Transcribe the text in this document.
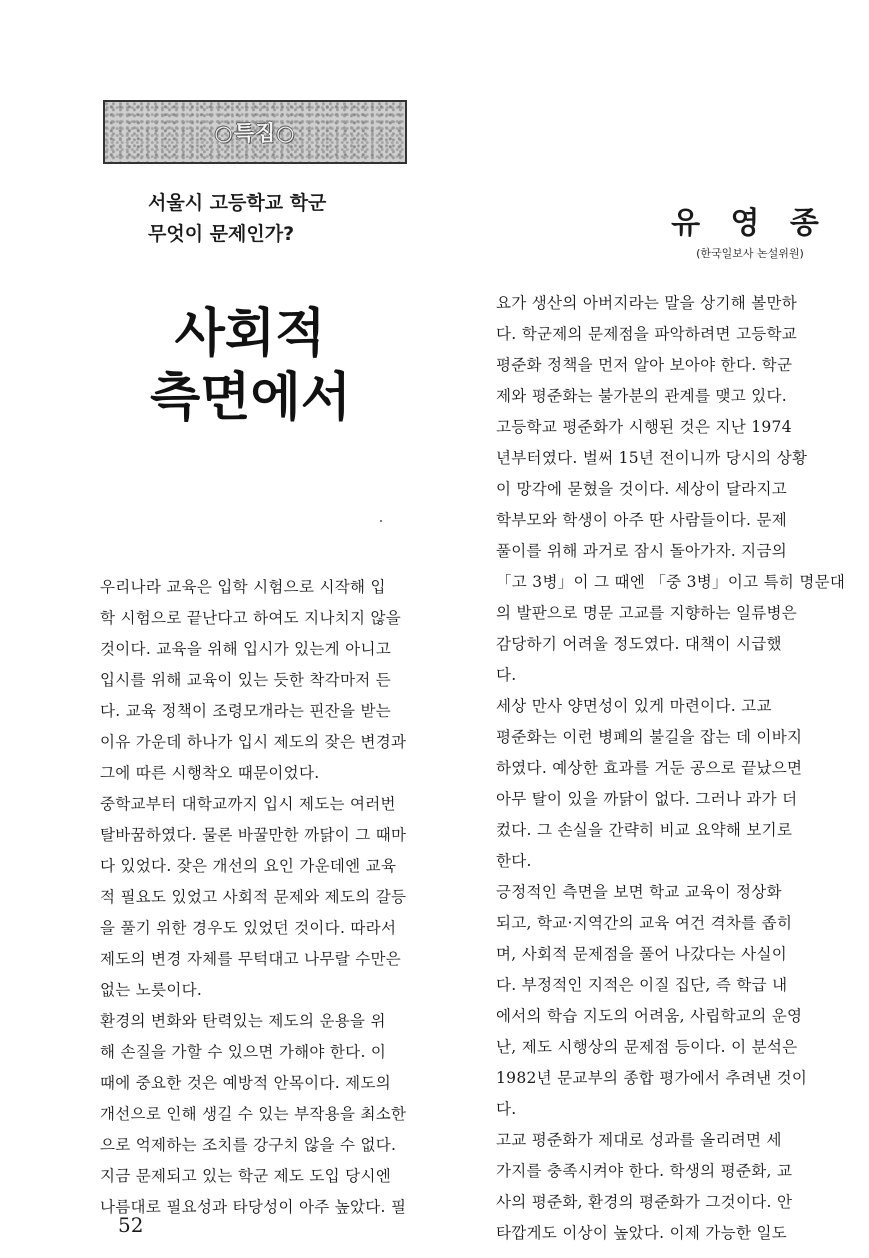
○특집○
서울시 고등학교 학군
무엇이 문제인가?
사회적
측면에서
유 영 종
(한국일보사 논설위원)
우리나라 교육은 입학 시험으로 시작해 입
학 시험으로 끝난다고 하여도 지나치지 않을
것이다. 교육을 위해 입시가 있는게 아니고
입시를 위해 교육이 있는 듯한 착각마저 든
다. 교육 정책이 조령모개라는 핀잔을 받는
이유 가운데 하나가 입시 제도의 잦은 변경과
그에 따른 시행착오 때문이었다.
중학교부터 대학교까지 입시 제도는 여러번
탈바꿈하였다. 물론 바꿀만한 까닭이 그 때마
다 있었다. 잦은 개선의 요인 가운데엔 교육
적 필요도 있었고 사회적 문제와 제도의 갈등
을 풀기 위한 경우도 있었던 것이다. 따라서
제도의 변경 자체를 무턱대고 나무랄 수만은
없는 노릇이다.
환경의 변화와 탄력있는 제도의 운용을 위
해 손질을 가할 수 있으면 가해야 한다. 이
때에 중요한 것은 예방적 안목이다. 제도의
개선으로 인해 생길 수 있는 부작용을 최소한
으로 억제하는 조치를 강구치 않을 수 없다.
지금 문제되고 있는 학군 제도 도입 당시엔
나름대로 필요성과 타당성이 아주 높았다. 필
요가 생산의 아버지라는 말을 상기해 볼만하
다. 학군제의 문제점을 파악하려면 고등학교
평준화 정책을 먼저 알아 보아야 한다. 학군
제와 평준화는 불가분의 관계를 맺고 있다.
고등학교 평준화가 시행된 것은 지난 1974
년부터였다. 벌써 15년 전이니까 당시의 상황
이 망각에 묻혔을 것이다. 세상이 달라지고
학부모와 학생이 아주 딴 사람들이다. 문제
풀이를 위해 과거로 잠시 돌아가자. 지금의
「고 3병」이 그 때엔 「중 3병」이고 특히 명문대
의 발판으로 명문 고교를 지향하는 일류병은
감당하기 어려울 정도였다. 대책이 시급했
다.
세상 만사 양면성이 있게 마련이다. 고교
평준화는 이런 병폐의 불길을 잡는 데 이바지
하였다. 예상한 효과를 거둔 공으로 끝났으면
아무 탈이 있을 까닭이 없다. 그러나 과가 더
컸다. 그 손실을 간략히 비교 요약해 보기로
한다.
긍정적인 측면을 보면 학교 교육이 정상화
되고, 학교·지역간의 교육 여건 격차를 좁히
며, 사회적 문제점을 풀어 나갔다는 사실이
다. 부정적인 지적은 이질 집단, 즉 학급 내
에서의 학습 지도의 어려움, 사립학교의 운영
난, 제도 시행상의 문제점 등이다. 이 분석은
1982년 문교부의 종합 평가에서 추려낸 것이
다.
고교 평준화가 제대로 성과를 올리려면 세
가지를 충족시켜야 한다. 학생의 평준화, 교
사의 평준화, 환경의 평준화가 그것이다. 안
타깝게도 이상이 높았다. 이제 가능한 일도
52
